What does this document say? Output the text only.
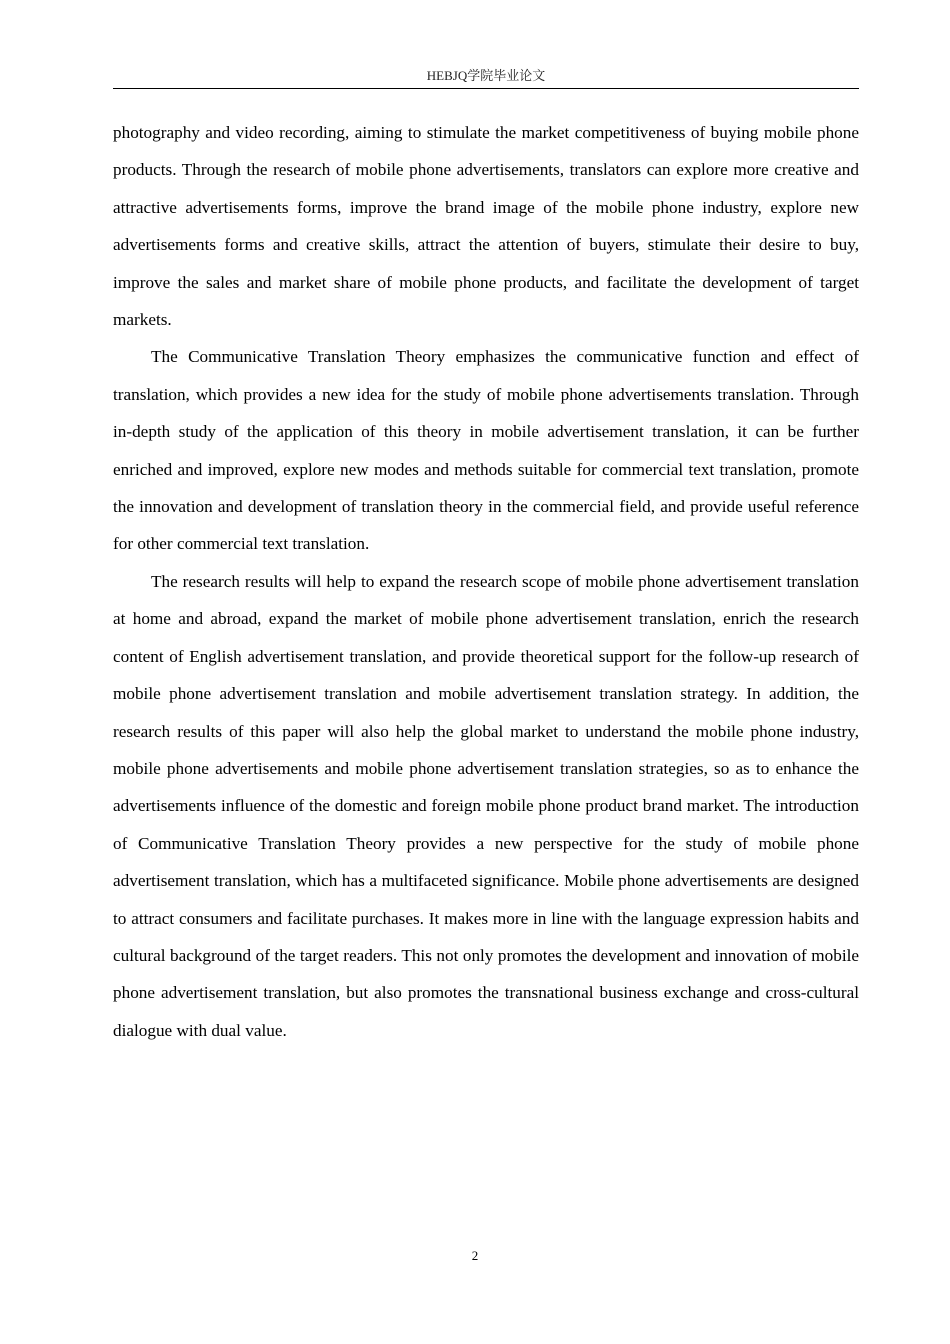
HEBJQ学院毕业论文

photography and video recording, aiming to stimulate the market competitiveness of buying mobile phone products. Through the research of mobile phone advertisements, translators can explore more creative and attractive advertisements forms, improve the brand image of the mobile phone industry, explore new advertisements forms and creative skills, attract the attention of buyers, stimulate their desire to buy, improve the sales and market share of mobile phone products, and facilitate the development of target markets.

The Communicative Translation Theory emphasizes the communicative function and effect of translation, which provides a new idea for the study of mobile phone advertisements translation. Through in-depth study of the application of this theory in mobile advertisement translation, it can be further enriched and improved, explore new modes and methods suitable for commercial text translation, promote the innovation and development of translation theory in the commercial field, and provide useful reference for other commercial text translation.

The research results will help to expand the research scope of mobile phone advertisement translation at home and abroad, expand the market of mobile phone advertisement translation, enrich the research content of English advertisement translation, and provide theoretical support for the follow-up research of mobile phone advertisement translation and mobile advertisement translation strategy. In addition, the research results of this paper will also help the global market to understand the mobile phone industry, mobile phone advertisements and mobile phone advertisement translation strategies, so as to enhance the advertisements influence of the domestic and foreign mobile phone product brand market. The introduction of Communicative Translation Theory provides a new perspective for the study of mobile phone advertisement translation, which has a multifaceted significance. Mobile phone advertisements are designed to attract consumers and facilitate purchases. It makes more in line with the language expression habits and cultural background of the target readers. This not only promotes the development and innovation of mobile phone advertisement translation, but also promotes the transnational business exchange and cross-cultural dialogue with dual value.

2
